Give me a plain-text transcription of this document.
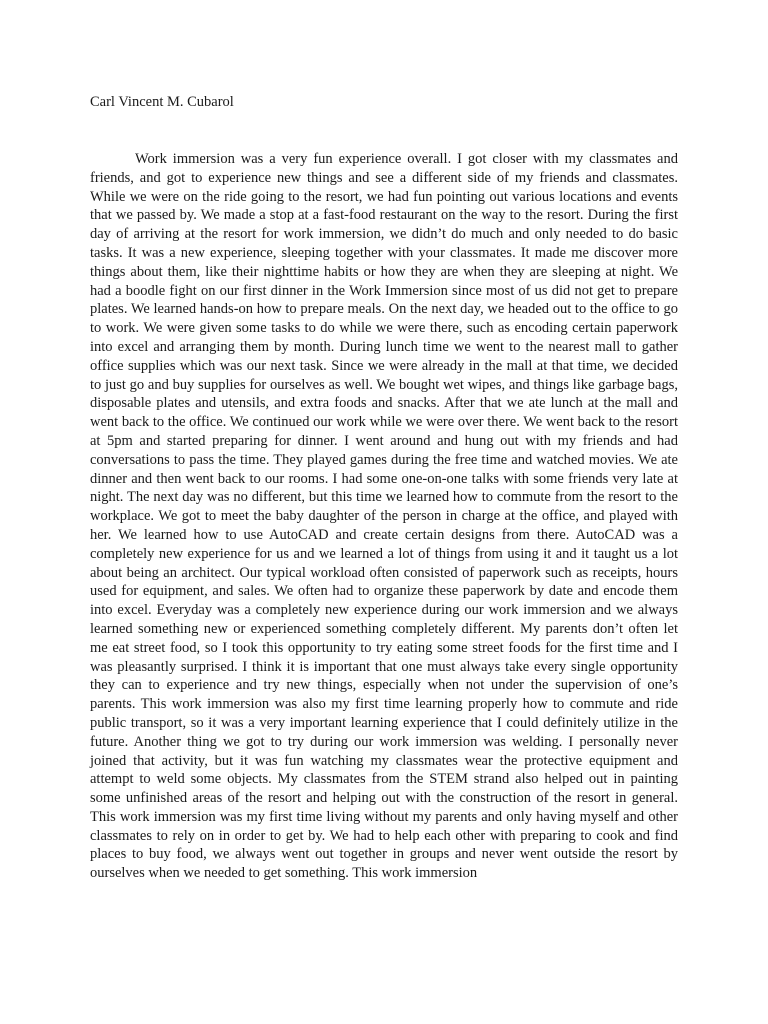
Carl Vincent M. Cubarol

Work immersion was a very fun experience overall. I got closer with my classmates and friends, and got to experience new things and see a different side of my friends and classmates. While we were on the ride going to the resort, we had fun pointing out various locations and events that we passed by. We made a stop at a fast-food restaurant on the way to the resort. During the first day of arriving at the resort for work immersion, we didn’t do much and only needed to do basic tasks. It was a new experience, sleeping together with your classmates. It made me discover more things about them, like their nighttime habits or how they are when they are sleeping at night. We had a boodle fight on our first dinner in the Work Immersion since most of us did not get to prepare plates. We learned hands-on how to prepare meals. On the next day, we headed out to the office to go to work. We were given some tasks to do while we were there, such as encoding certain paperwork into excel and arranging them by month. During lunch time we went to the nearest mall to gather office supplies which was our next task. Since we were already in the mall at that time, we decided to just go and buy supplies for ourselves as well. We bought wet wipes, and things like garbage bags, disposable plates and utensils, and extra foods and snacks. After that we ate lunch at the mall and went back to the office. We continued our work while we were over there. We went back to the resort at 5pm and started preparing for dinner. I went around and hung out with my friends and had conversations to pass the time. They played games during the free time and watched movies. We ate dinner and then went back to our rooms. I had some one-on-one talks with some friends very late at night. The next day was no different, but this time we learned how to commute from the resort to the workplace. We got to meet the baby daughter of the person in charge at the office, and played with her. We learned how to use AutoCAD and create certain designs from there. AutoCAD was a completely new experience for us and we learned a lot of things from using it and it taught us a lot about being an architect. Our typical workload often consisted of paperwork such as receipts, hours used for equipment, and sales. We often had to organize these paperwork by date and encode them into excel. Everyday was a completely new experience during our work immersion and we always learned something new or experienced something completely different. My parents don’t often let me eat street food, so I took this opportunity to try eating some street foods for the first time and I was pleasantly surprised. I think it is important that one must always take every single opportunity they can to experience and try new things, especially when not under the supervision of one’s parents. This work immersion was also my first time learning properly how to commute and ride public transport, so it was a very important learning experience that I could definitely utilize in the future. Another thing we got to try during our work immersion was welding. I personally never joined that activity, but it was fun watching my classmates wear the protective equipment and attempt to weld some objects. My classmates from the STEM strand also helped out in painting some unfinished areas of the resort and helping out with the construction of the resort in general. This work immersion was my first time living without my parents and only having myself and other classmates to rely on in order to get by. We had to help each other with preparing to cook and find places to buy food, we always went out together in groups and never went outside the resort by ourselves when we needed to get something. This work immersion
